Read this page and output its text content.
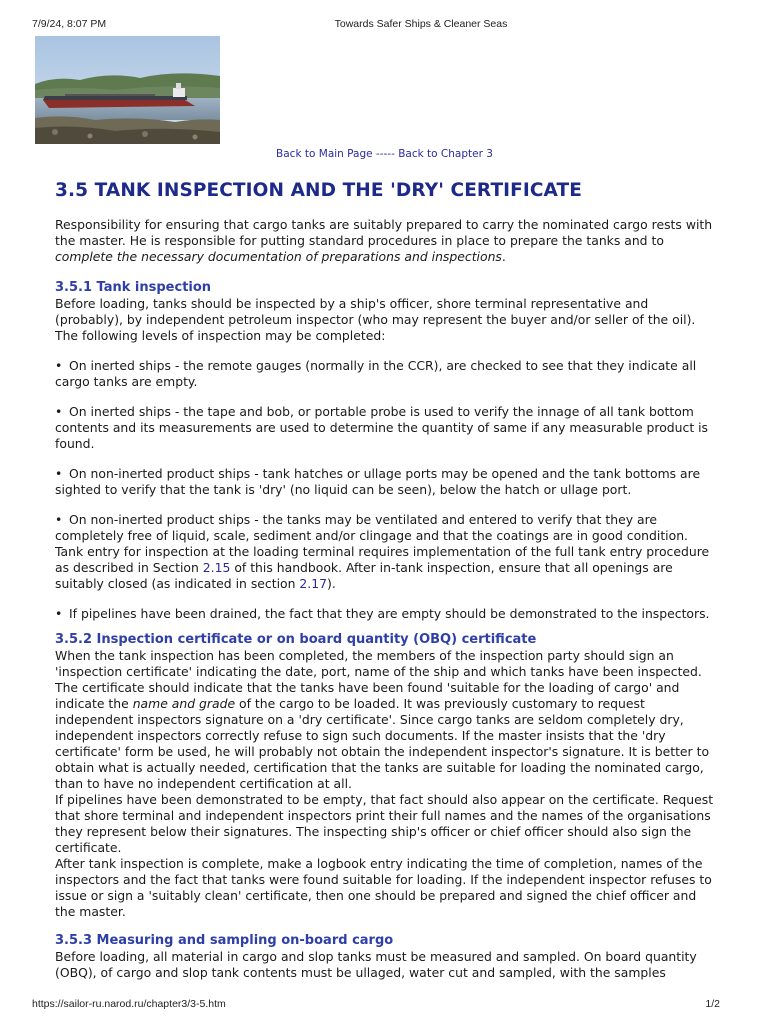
7/9/24, 8:07 PM	Towards Safer Ships & Cleaner Seas
Back to Main Page ----- Back to Chapter 3
3.5 TANK INSPECTION AND THE 'DRY' CERTIFICATE

Responsibility for ensuring that cargo tanks are suitably prepared to carry the nominated cargo rests with the master. He is responsible for putting standard procedures in place to prepare the tanks and to complete the necessary documentation of preparations and inspections.

3.5.1 Tank inspection

Before loading, tanks should be inspected by a ship's officer, shore terminal representative and (probably), by independent petroleum inspector (who may represent the buyer and/or seller of the oil). The following levels of inspection may be completed:

• On inerted ships - the remote gauges (normally in the CCR), are checked to see that they indicate all cargo tanks are empty.

• On inerted ships - the tape and bob, or portable probe is used to verify the innage of all tank bottom contents and its measurements are used to determine the quantity of same if any measurable product is found.

• On non-inerted product ships - tank hatches or ullage ports may be opened and the tank bottoms are sighted to verify that the tank is 'dry' (no liquid can be seen), below the hatch or ullage port.

• On non-inerted product ships - the tanks may be ventilated and entered to verify that they are completely free of liquid, scale, sediment and/or clingage and that the coatings are in good condition. Tank entry for inspection at the loading terminal requires implementation of the full tank entry procedure as described in Section 2.15 of this handbook. After in-tank inspection, ensure that all openings are suitably closed (as indicated in section 2.17).

• If pipelines have been drained, the fact that they are empty should be demonstrated to the inspectors.

3.5.2 Inspection certificate or on board quantity (OBQ) certificate

When the tank inspection has been completed, the members of the inspection party should sign an 'inspection certificate' indicating the date, port, name of the ship and which tanks have been inspected. The certificate should indicate that the tanks have been found 'suitable for the loading of cargo' and indicate the name and grade of the cargo to be loaded. It was previously customary to request independent inspectors signature on a 'dry certificate'. Since cargo tanks are seldom completely dry, independent inspectors correctly refuse to sign such documents. If the master insists that the 'dry certificate' form be used, he will probably not obtain the independent inspector's signature. It is better to obtain what is actually needed, certification that the tanks are suitable for loading the nominated cargo, than to have no independent certification at all.

If pipelines have been demonstrated to be empty, that fact should also appear on the certificate. Request that shore terminal and independent inspectors print their full names and the names of the organisations they represent below their signatures. The inspecting ship's officer or chief officer should also sign the certificate.

After tank inspection is complete, make a logbook entry indicating the time of completion, names of the inspectors and the fact that tanks were found suitable for loading. If the independent inspector refuses to issue or sign a 'suitably clean' certificate, then one should be prepared and signed the chief officer and the master.

3.5.3 Measuring and sampling on-board cargo

Before loading, all material in cargo and slop tanks must be measured and sampled. On board quantity (OBQ), of cargo and slop tank contents must be ullaged, water cut and sampled, with the samples

https://sailor-ru.narod.ru/chapter3/3-5.htm	1/2
